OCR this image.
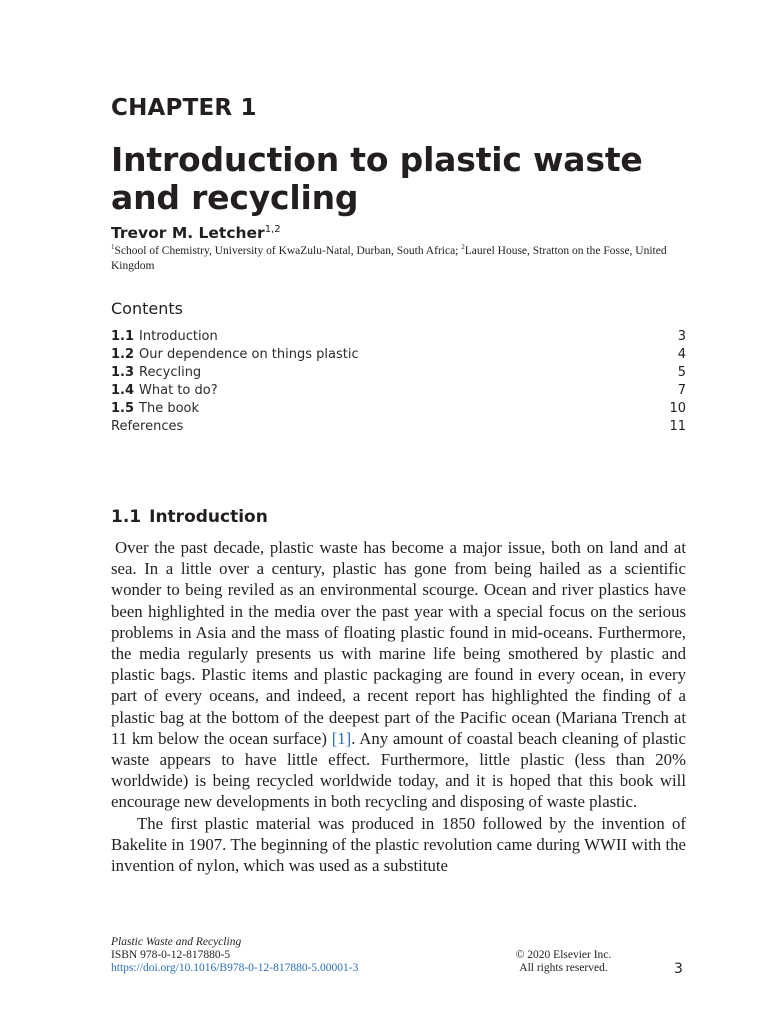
CHAPTER 1
Introduction to plastic waste and recycling
Trevor M. Letcher$^{1,2}$
$^1$School of Chemistry, University of KwaZulu-Natal, Durban, South Africa; $^2$Laurel House, Stratton on the Fosse, United Kingdom
Contents
1.1 Introduction	3
1.2 Our dependence on things plastic	4
1.3 Recycling	5
1.4 What to do?	7
1.5 The book	10
References	11
1.1 Introduction

Over the past decade, plastic waste has become a major issue, both on land and at sea. In a little over a century, plastic has gone from being hailed as a scientific wonder to being reviled as an environmental scourge. Ocean and river plastics have been highlighted in the media over the past year with a special focus on the serious problems in Asia and the mass of floating plastic found in mid-oceans. Furthermore, the media regularly presents us with marine life being smothered by plastic and plastic bags. Plastic items and plastic packaging are found in every ocean, in every part of every oceans, and indeed, a recent report has highlighted the finding of a plastic bag at the bottom of the deepest part of the Pacific ocean (Mariana Trench at 11 km below the ocean surface) [1]. Any amount of coastal beach cleaning of plastic waste appears to have little effect. Furthermore, little plastic (less than 20% worldwide) is being recycled worldwide today, and it is hoped that this book will encourage new developments in both recycling and disposing of waste plastic.

The first plastic material was produced in 1850 followed by the invention of Bakelite in 1907. The beginning of the plastic revolution came during WWII with the invention of nylon, which was used as a substitute

Plastic Waste and Recycling
ISBN 978-0-12-817880-5
https://doi.org/10.1016/B978-0-12-817880-5.00001-3
© 2020 Elsevier Inc.
All rights reserved.	3
